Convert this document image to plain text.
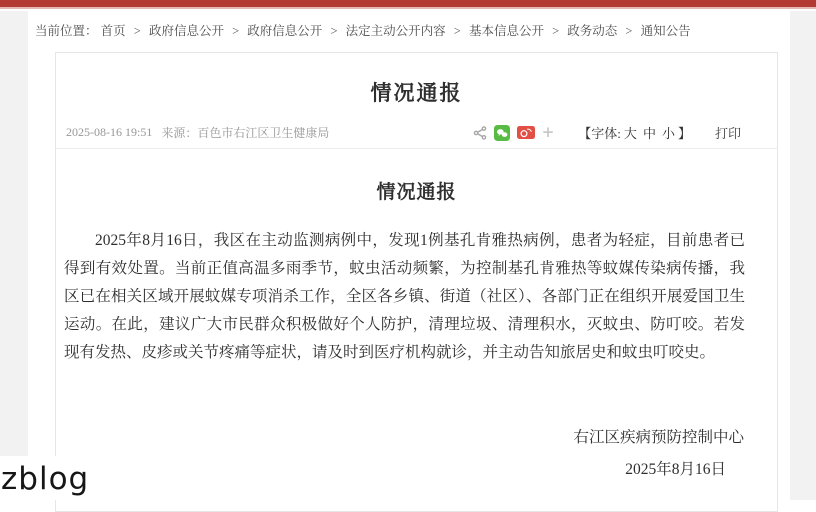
当前位置： 首页 > 政府信息公开 > 政府信息公开 > 法定主动公开内容 > 基本信息公开 > 政务动态 > 通知公告
情况通报
2025-08-16 19:51 来源：百色市右江区卫生健康局	+ 【字体: 大 中 小 】 打印
情况通报
2025年8月16日，我区在主动监测病例中，发现1例基孔肯雅热病例，患者为轻症，目前患者已得到有效处置。当前正值高温多雨季节，蚊虫活动频繁，为控制基孔肯雅热等蚊媒传染病传播，我区已在相关区域开展蚊媒专项消杀工作，全区各乡镇、街道（社区）、各部门正在组织开展爱国卫生运动。在此，建议广大市民群众积极做好个人防护，清理垃圾、清理积水，灭蚊虫、防叮咬。若发现有发热、皮疹或关节疼痛等症状，请及时到医疗机构就诊，并主动告知旅居史和蚊虫叮咬史。
右江区疾病预防控制中心
2025年8月16日
zblog
